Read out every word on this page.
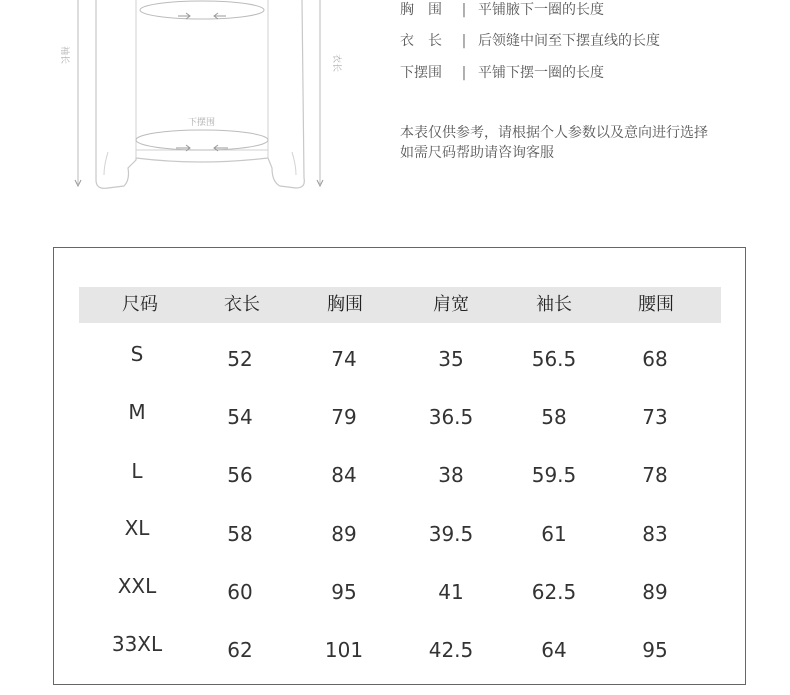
袖长	衣长
下摆围
胸　围 | 平铺腋下一圈的长度
衣　长 | 后领缝中间至下摆直线的长度
下摆围 | 平铺下摆一圈的长度
本表仅供参考，请根据个人参数以及意向进行选择
如需尺码帮助请咨询客服
尺码	衣长	胸围	肩宽	袖长	腰围
S	52	74	35	56.5	68
M	54	79	36.5	58	73
L	56	84	38	59.5	78
XL	58	89	39.5	61	83
XXL	60	95	41	62.5	89
33XL	62	101	42.5	64	95
